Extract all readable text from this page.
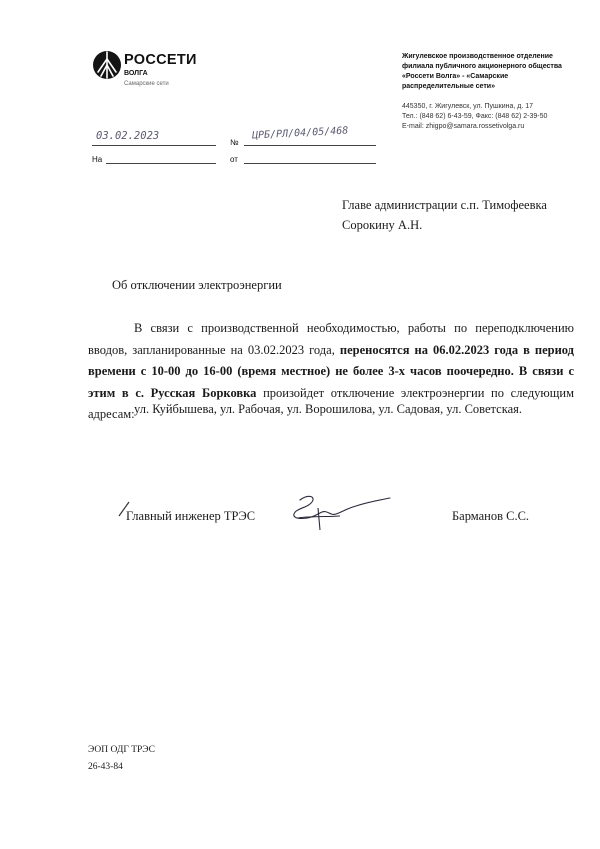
РОССЕТИ
ВОЛГА
Самарские сети
Жигулевское производственное отделение
филиала публичного акционерного общества
«Россети Волга» - «Самарские
распределительные сети»
445350, г. Жигулевск, ул. Пушкина, д. 17
Тел.: (848 62) 6-43-59, Факс: (848 62) 2-39-50
E-mail: zhigpo@samara.rossetivolga.ru
03.02.2023
№
ЦРБ/РЛ/04/05/468
На	от
Главе администрации с.п. Тимофеевка
Сорокину А.Н.
Об отключении электроэнергии
В связи с производственной необходимостью, работы по переподключению вводов, запланированные на 03.02.2023 года, переносятся на 06.02.2023 года в период времени с 10-00 до 16-00 (время местное) не более 3-х часов поочередно. В связи с этим в с. Русская Борковка произойдет отключение электроэнергии по следующим адресам: ул. Куйбышева, ул. Рабочая, ул. Ворошилова, ул. Садовая, ул. Советская.
Главный инженер ТРЭС	Барманов С.С.
ЭОП ОДГ ТРЭС
26-43-84
